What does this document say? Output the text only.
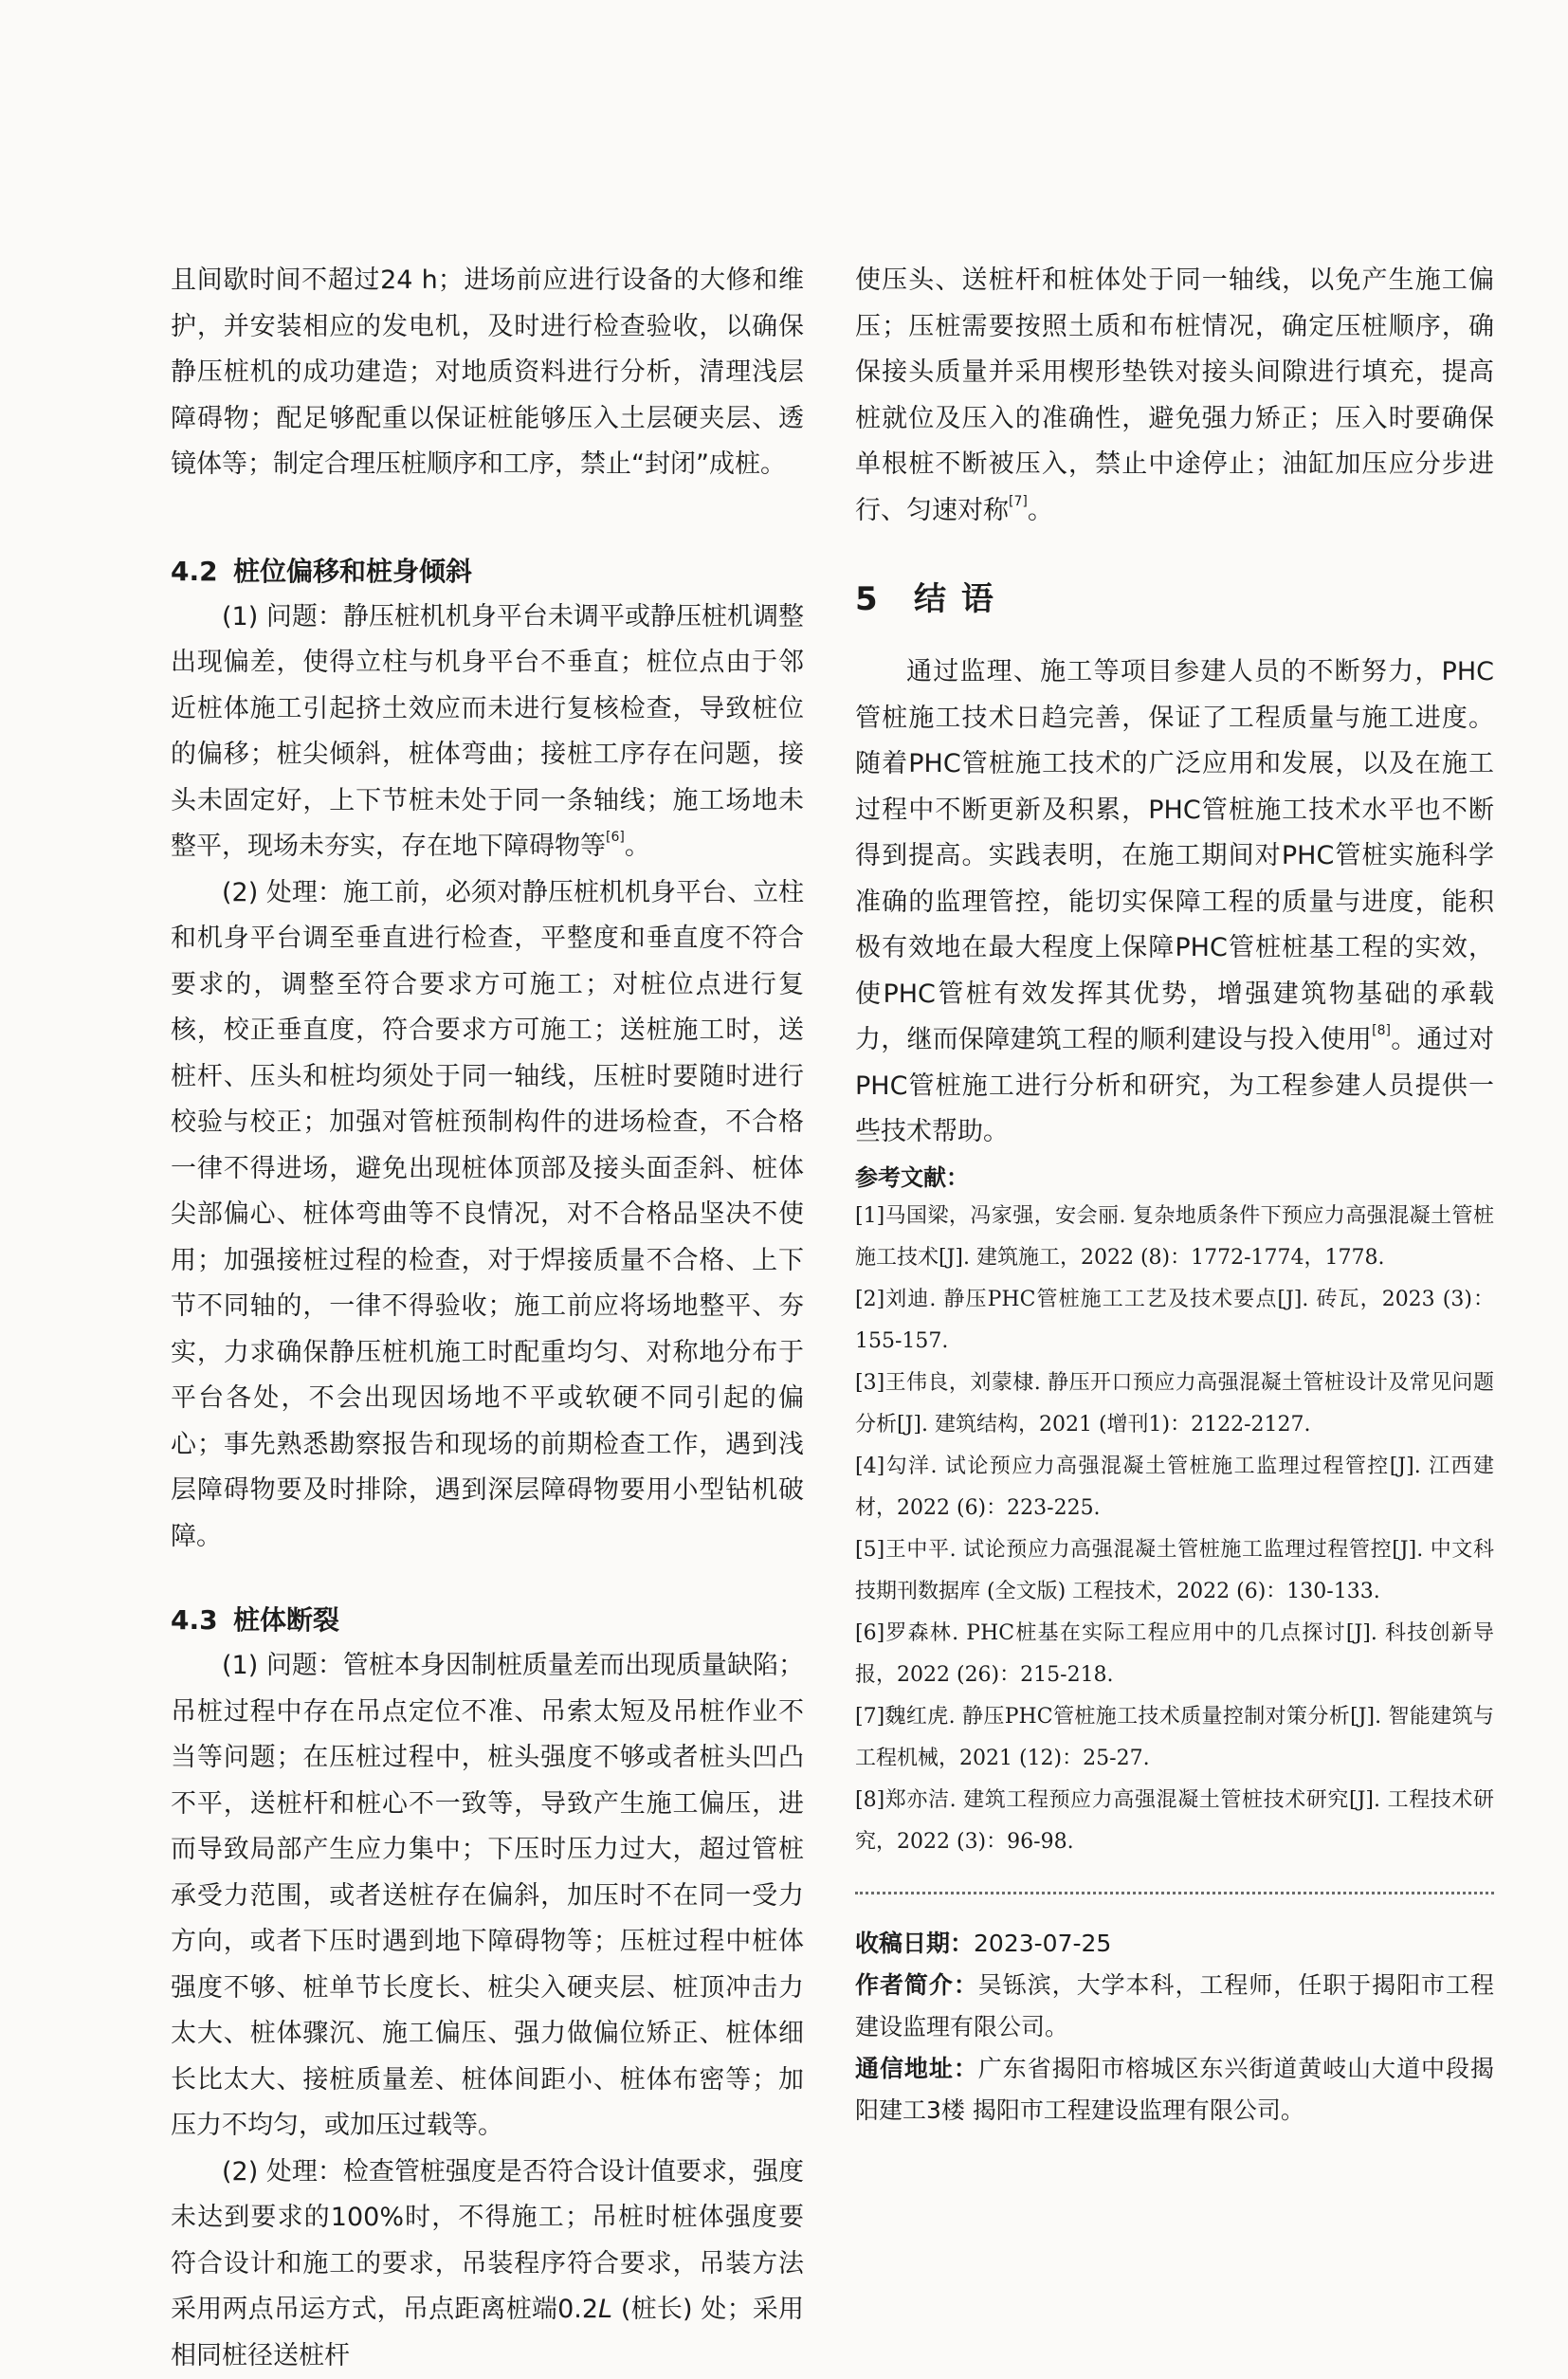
且间歇时间不超过24 h；进场前应进行设备的大修和维护，并安装相应的发电机，及时进行检查验收，以确保静压桩机的成功建造；对地质资料进行分析，清理浅层障碍物；配足够配重以保证桩能够压入土层硬夹层、透镜体等；制定合理压桩顺序和工序，禁止“封闭”成桩。

4.2 桩位偏移和桩身倾斜

(1) 问题：静压桩机机身平台未调平或静压桩机调整出现偏差，使得立柱与机身平台不垂直；桩位点由于邻近桩体施工引起挤土效应而未进行复核检查，导致桩位的偏移；桩尖倾斜，桩体弯曲；接桩工序存在问题，接头未固定好，上下节桩未处于同一条轴线；施工场地未整平，现场未夯实，存在地下障碍物等[6]。

(2) 处理：施工前，必须对静压桩机机身平台、立柱和机身平台调至垂直进行检查，平整度和垂直度不符合要求的，调整至符合要求方可施工；对桩位点进行复核，校正垂直度，符合要求方可施工；送桩施工时，送桩杆、压头和桩均须处于同一轴线，压桩时要随时进行校验与校正；加强对管桩预制构件的进场检查，不合格一律不得进场，避免出现桩体顶部及接头面歪斜、桩体尖部偏心、桩体弯曲等不良情况，对不合格品坚决不使用；加强接桩过程的检查，对于焊接质量不合格、上下节不同轴的，一律不得验收；施工前应将场地整平、夯实，力求确保静压桩机施工时配重均匀、对称地分布于平台各处，不会出现因场地不平或软硬不同引起的偏心；事先熟悉勘察报告和现场的前期检查工作，遇到浅层障碍物要及时排除，遇到深层障碍物要用小型钻机破障。

4.3 桩体断裂

(1) 问题：管桩本身因制桩质量差而出现质量缺陷；吊桩过程中存在吊点定位不准、吊索太短及吊桩作业不当等问题；在压桩过程中，桩头强度不够或者桩头凹凸不平，送桩杆和桩心不一致等，导致产生施工偏压，进而导致局部产生应力集中；下压时压力过大，超过管桩承受力范围，或者送桩存在偏斜，加压时不在同一受力方向，或者下压时遇到地下障碍物等；压桩过程中桩体强度不够、桩单节长度长、桩尖入硬夹层、桩顶冲击力太大、桩体骤沉、施工偏压、强力做偏位矫正、桩体细长比太大、接桩质量差、桩体间距小、桩体布密等；加压力不均匀，或加压过载等。

(2) 处理：检查管桩强度是否符合设计值要求，强度未达到要求的100%时，不得施工；吊桩时桩体强度要符合设计和施工的要求，吊装程序符合要求，吊装方法采用两点吊运方式，吊点距离桩端0.2L (桩长) 处；采用相同桩径送桩杆

使压头、送桩杆和桩体处于同一轴线，以免产生施工偏压；压桩需要按照土质和布桩情况，确定压桩顺序，确保接头质量并采用楔形垫铁对接头间隙进行填充，提高桩就位及压入的准确性，避免强力矫正；压入时要确保单根桩不断被压入，禁止中途停止；油缸加压应分步进行、匀速对称[7]。

5 结 语

通过监理、施工等项目参建人员的不断努力，PHC管桩施工技术日趋完善，保证了工程质量与施工进度。随着PHC管桩施工技术的广泛应用和发展，以及在施工过程中不断更新及积累，PHC管桩施工技术水平也不断得到提高。实践表明，在施工期间对PHC管桩实施科学准确的监理管控，能切实保障工程的质量与进度，能积极有效地在最大程度上保障PHC管桩桩基工程的实效，使PHC管桩有效发挥其优势，增强建筑物基础的承载力，继而保障建筑工程的顺利建设与投入使用[8]。通过对PHC管桩施工进行分析和研究，为工程参建人员提供一些技术帮助。

参考文献：

[1]马国梁，冯家强，安会丽. 复杂地质条件下预应力高强混凝土管桩施工技术[J]. 建筑施工，2022 (8)：1772-1774，1778.

[2]刘迪. 静压PHC管桩施工工艺及技术要点[J]. 砖瓦，2023 (3)：155-157.

[3]王伟良，刘蒙棣. 静压开口预应力高强混凝土管桩设计及常见问题分析[J]. 建筑结构，2021 (增刊1)：2122-2127.

[4]勾洋. 试论预应力高强混凝土管桩施工监理过程管控[J]. 江西建材，2022 (6)：223-225.

[5]王中平. 试论预应力高强混凝土管桩施工监理过程管控[J]. 中文科技期刊数据库 (全文版) 工程技术，2022 (6)：130-133.

[6]罗森林. PHC桩基在实际工程应用中的几点探讨[J]. 科技创新导报，2022 (26)：215-218.

[7]魏红虎. 静压PHC管桩施工技术质量控制对策分析[J]. 智能建筑与工程机械，2021 (12)：25-27.

[8]郑亦洁. 建筑工程预应力高强混凝土管桩技术研究[J]. 工程技术研究，2022 (3)：96-98.

收稿日期：2023-07-25

作者简介：吴铄滨，大学本科，工程师，任职于揭阳市工程建设监理有限公司。

通信地址：广东省揭阳市榕城区东兴街道黄岐山大道中段揭阳建工3楼 揭阳市工程建设监理有限公司。
